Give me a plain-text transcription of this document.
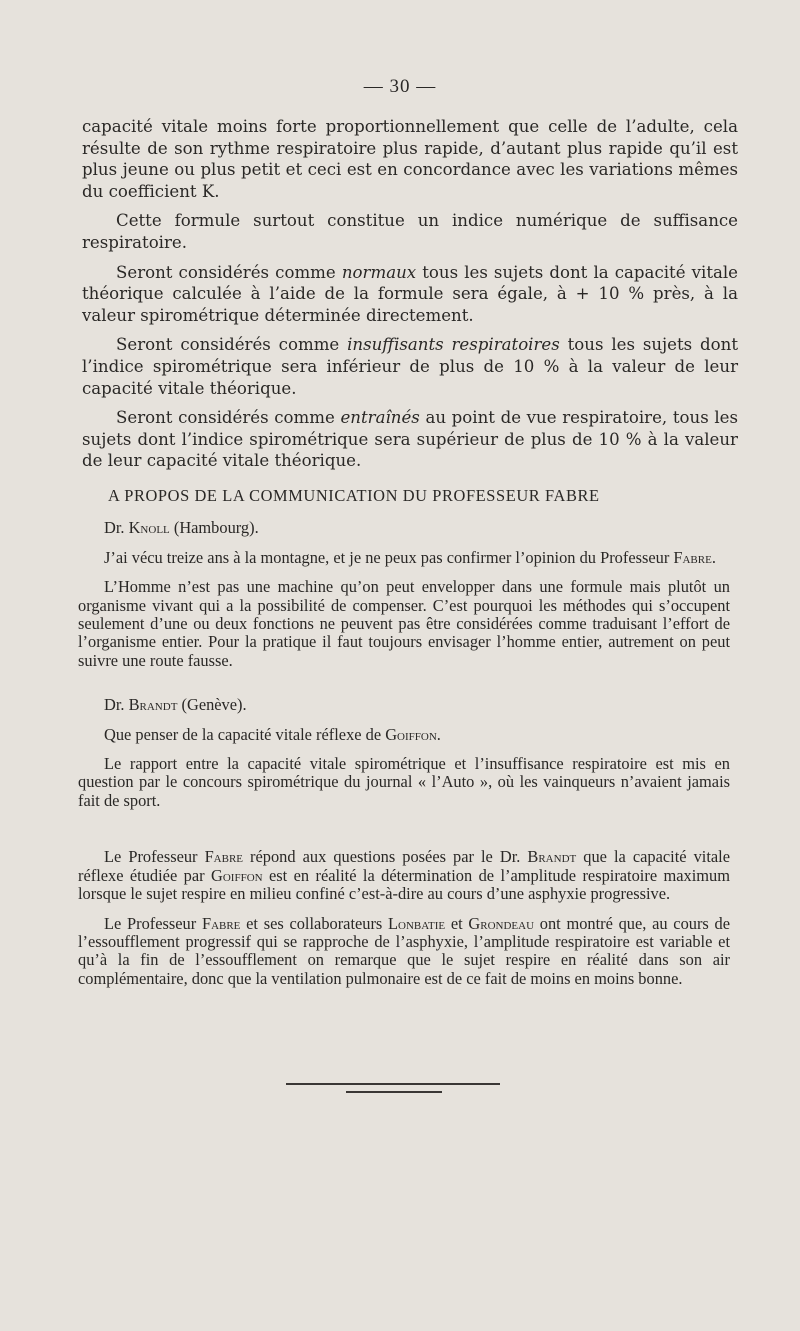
— 30 —

capacité vitale moins forte proportionnellement que celle de l’adulte, cela résulte de son rythme respiratoire plus rapide, d’autant plus rapide qu’il est plus jeune ou plus petit et ceci est en concordance avec les variations mêmes du coefficient K.

Cette formule surtout constitue un indice numérique de suffisance respiratoire.

Seront considérés comme normaux tous les sujets dont la capacité vitale théorique calculée à l’aide de la formule sera égale, à + 10 % près, à la valeur spirométrique déterminée directement.

Seront considérés comme insuffisants respiratoires tous les sujets dont l’indice spirométrique sera inférieur de plus de 10 % à la valeur de leur capacité vitale théorique.

Seront considérés comme entraînés au point de vue respiratoire, tous les sujets dont l’indice spirométrique sera supérieur de plus de 10 % à la valeur de leur capacité vitale théorique.

A PROPOS DE LA COMMUNICATION DU PROFESSEUR FABRE

Dr. Knoll (Hambourg).

J’ai vécu treize ans à la montagne, et je ne peux pas confirmer l’opinion du Professeur Fabre.

L’Homme n’est pas une machine qu’on peut envelopper dans une formule mais plutôt un organisme vivant qui a la possibilité de compenser. C’est pourquoi les méthodes qui s’occupent seulement d’une ou deux fonctions ne peuvent pas être considérées comme traduisant l’effort de l’organisme entier. Pour la pratique il faut toujours envisager l’homme entier, autrement on peut suivre une route fausse.

Dr. Brandt (Genève).

Que penser de la capacité vitale réflexe de Goiffon.

Le rapport entre la capacité vitale spirométrique et l’insuffisance respiratoire est mis en question par le concours spirométrique du journal « l’Auto », où les vainqueurs n’avaient jamais fait de sport.

Le Professeur Fabre répond aux questions posées par le Dr. Brandt que la capacité vitale réflexe étudiée par Goiffon est en réalité la détermination de l’amplitude respiratoire maximum lorsque le sujet respire en milieu confiné c’est-à-dire au cours d’une asphyxie progressive.

Le Professeur Fabre et ses collaborateurs Lonbatie et Grondeau ont montré que, au cours de l’essoufflement progressif qui se rapproche de l’asphyxie, l’amplitude respiratoire est variable et qu’à la fin de l’essoufflement on remarque que le sujet respire en réalité dans son air complémentaire, donc que la ventilation pulmonaire est de ce fait de moins en moins bonne.
